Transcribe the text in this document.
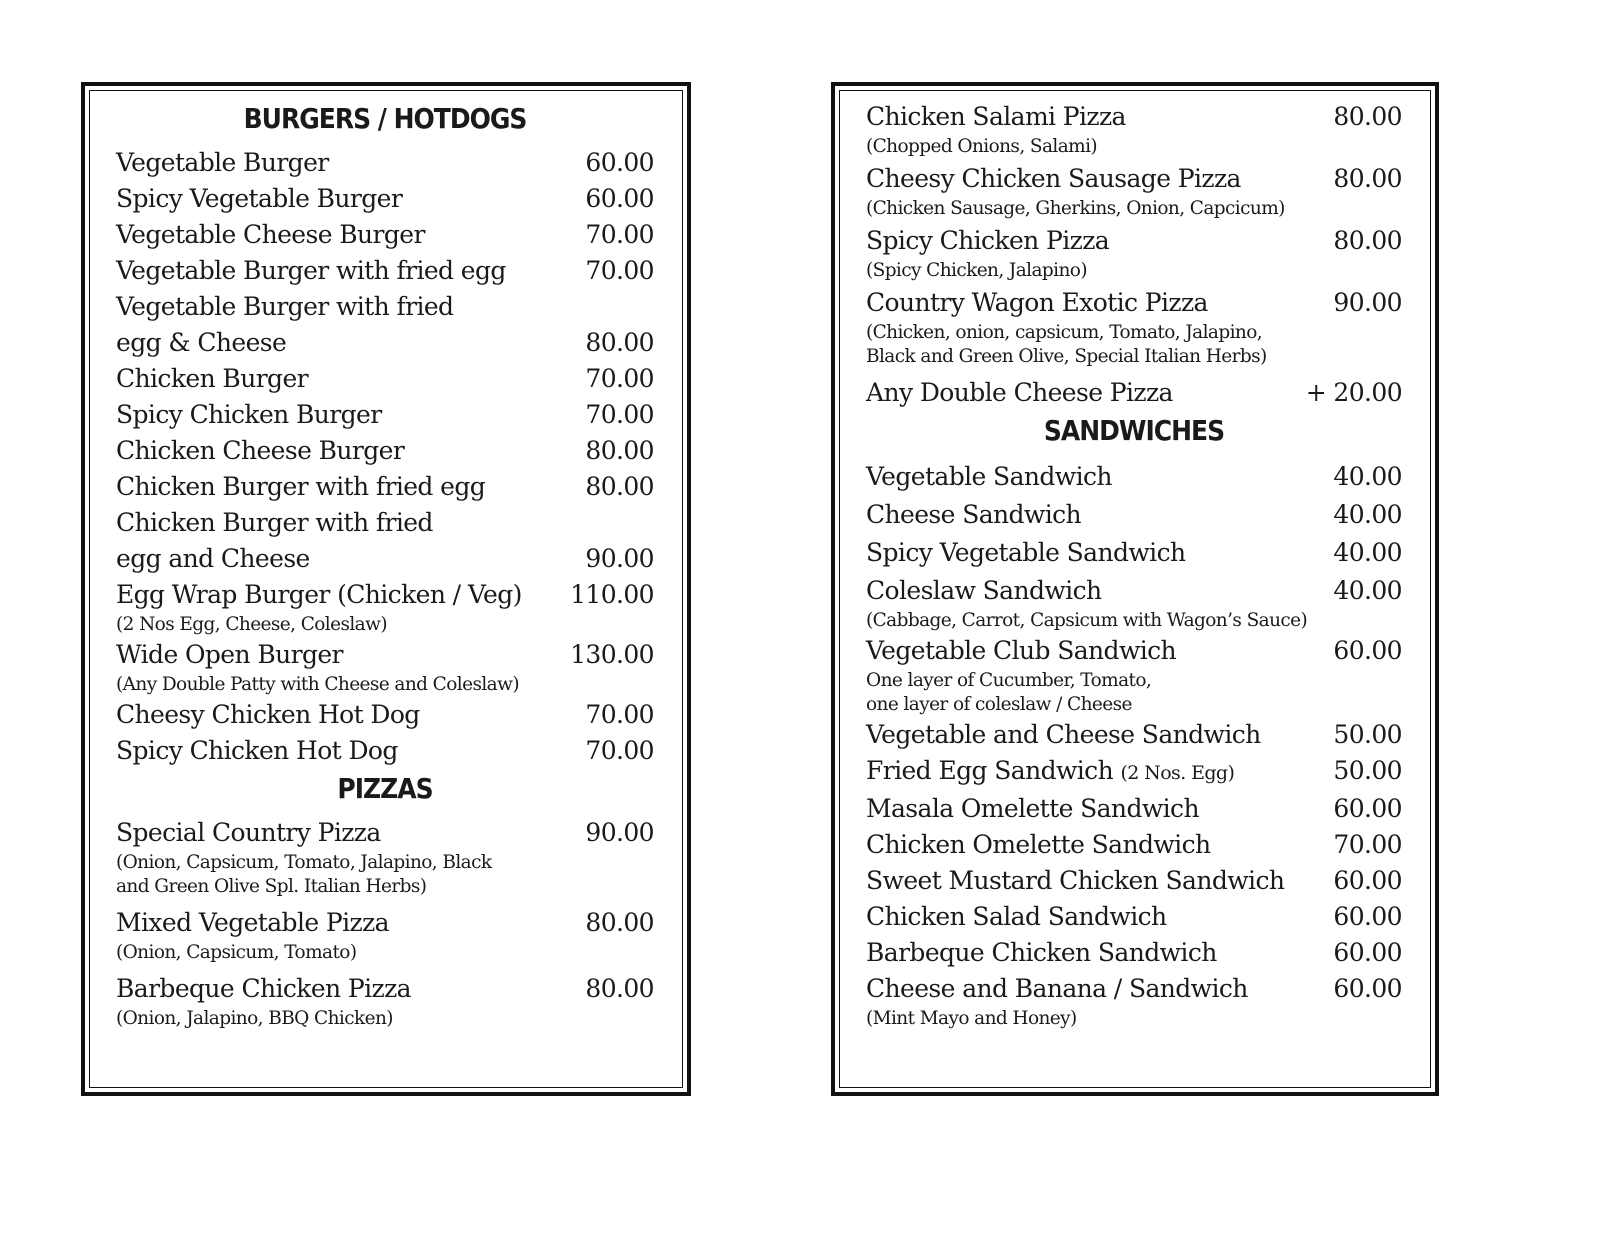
BURGERS / HOTDOGS
Vegetable Burger	60.00
Spicy Vegetable Burger	60.00
Vegetable Cheese Burger	70.00
Vegetable Burger with fried egg	70.00
Vegetable Burger with fried
egg & Cheese	80.00
Chicken Burger	70.00
Spicy Chicken Burger	70.00
Chicken Cheese Burger	80.00
Chicken Burger with fried egg	80.00
Chicken Burger with fried
egg and Cheese	90.00
Egg Wrap Burger (Chicken / Veg)	110.00
(2 Nos Egg, Cheese, Coleslaw)
Wide Open Burger	130.00
(Any Double Patty with Cheese and Coleslaw)
Cheesy Chicken Hot Dog	70.00
Spicy Chicken Hot Dog	70.00
PIZZAS
Special Country Pizza	90.00
(Onion, Capsicum, Tomato, Jalapino, Black
and Green Olive Spl. Italian Herbs)
Mixed Vegetable Pizza	80.00
(Onion, Capsicum, Tomato)
Barbeque Chicken Pizza	80.00
(Onion, Jalapino, BBQ Chicken)
Chicken Salami Pizza	80.00
(Chopped Onions, Salami)
Cheesy Chicken Sausage Pizza	80.00
(Chicken Sausage, Gherkins, Onion, Capcicum)
Spicy Chicken Pizza	80.00
(Spicy Chicken, Jalapino)
Country Wagon Exotic Pizza	90.00
(Chicken, onion, capsicum, Tomato, Jalapino,
Black and Green Olive, Special Italian Herbs)
Any Double Cheese Pizza	+ 20.00
SANDWICHES
Vegetable Sandwich	40.00
Cheese Sandwich	40.00
Spicy Vegetable Sandwich	40.00
Coleslaw Sandwich	40.00
(Cabbage, Carrot, Capsicum with Wagon’s Sauce)
Vegetable Club Sandwich	60.00
One layer of Cucumber, Tomato,
one layer of coleslaw / Cheese
Vegetable and Cheese Sandwich	50.00
Fried Egg Sandwich (2 Nos. Egg)	50.00
Masala Omelette Sandwich	60.00
Chicken Omelette Sandwich	70.00
Sweet Mustard Chicken Sandwich	60.00
Chicken Salad Sandwich	60.00
Barbeque Chicken Sandwich	60.00
Cheese and Banana / Sandwich	60.00
(Mint Mayo and Honey)
